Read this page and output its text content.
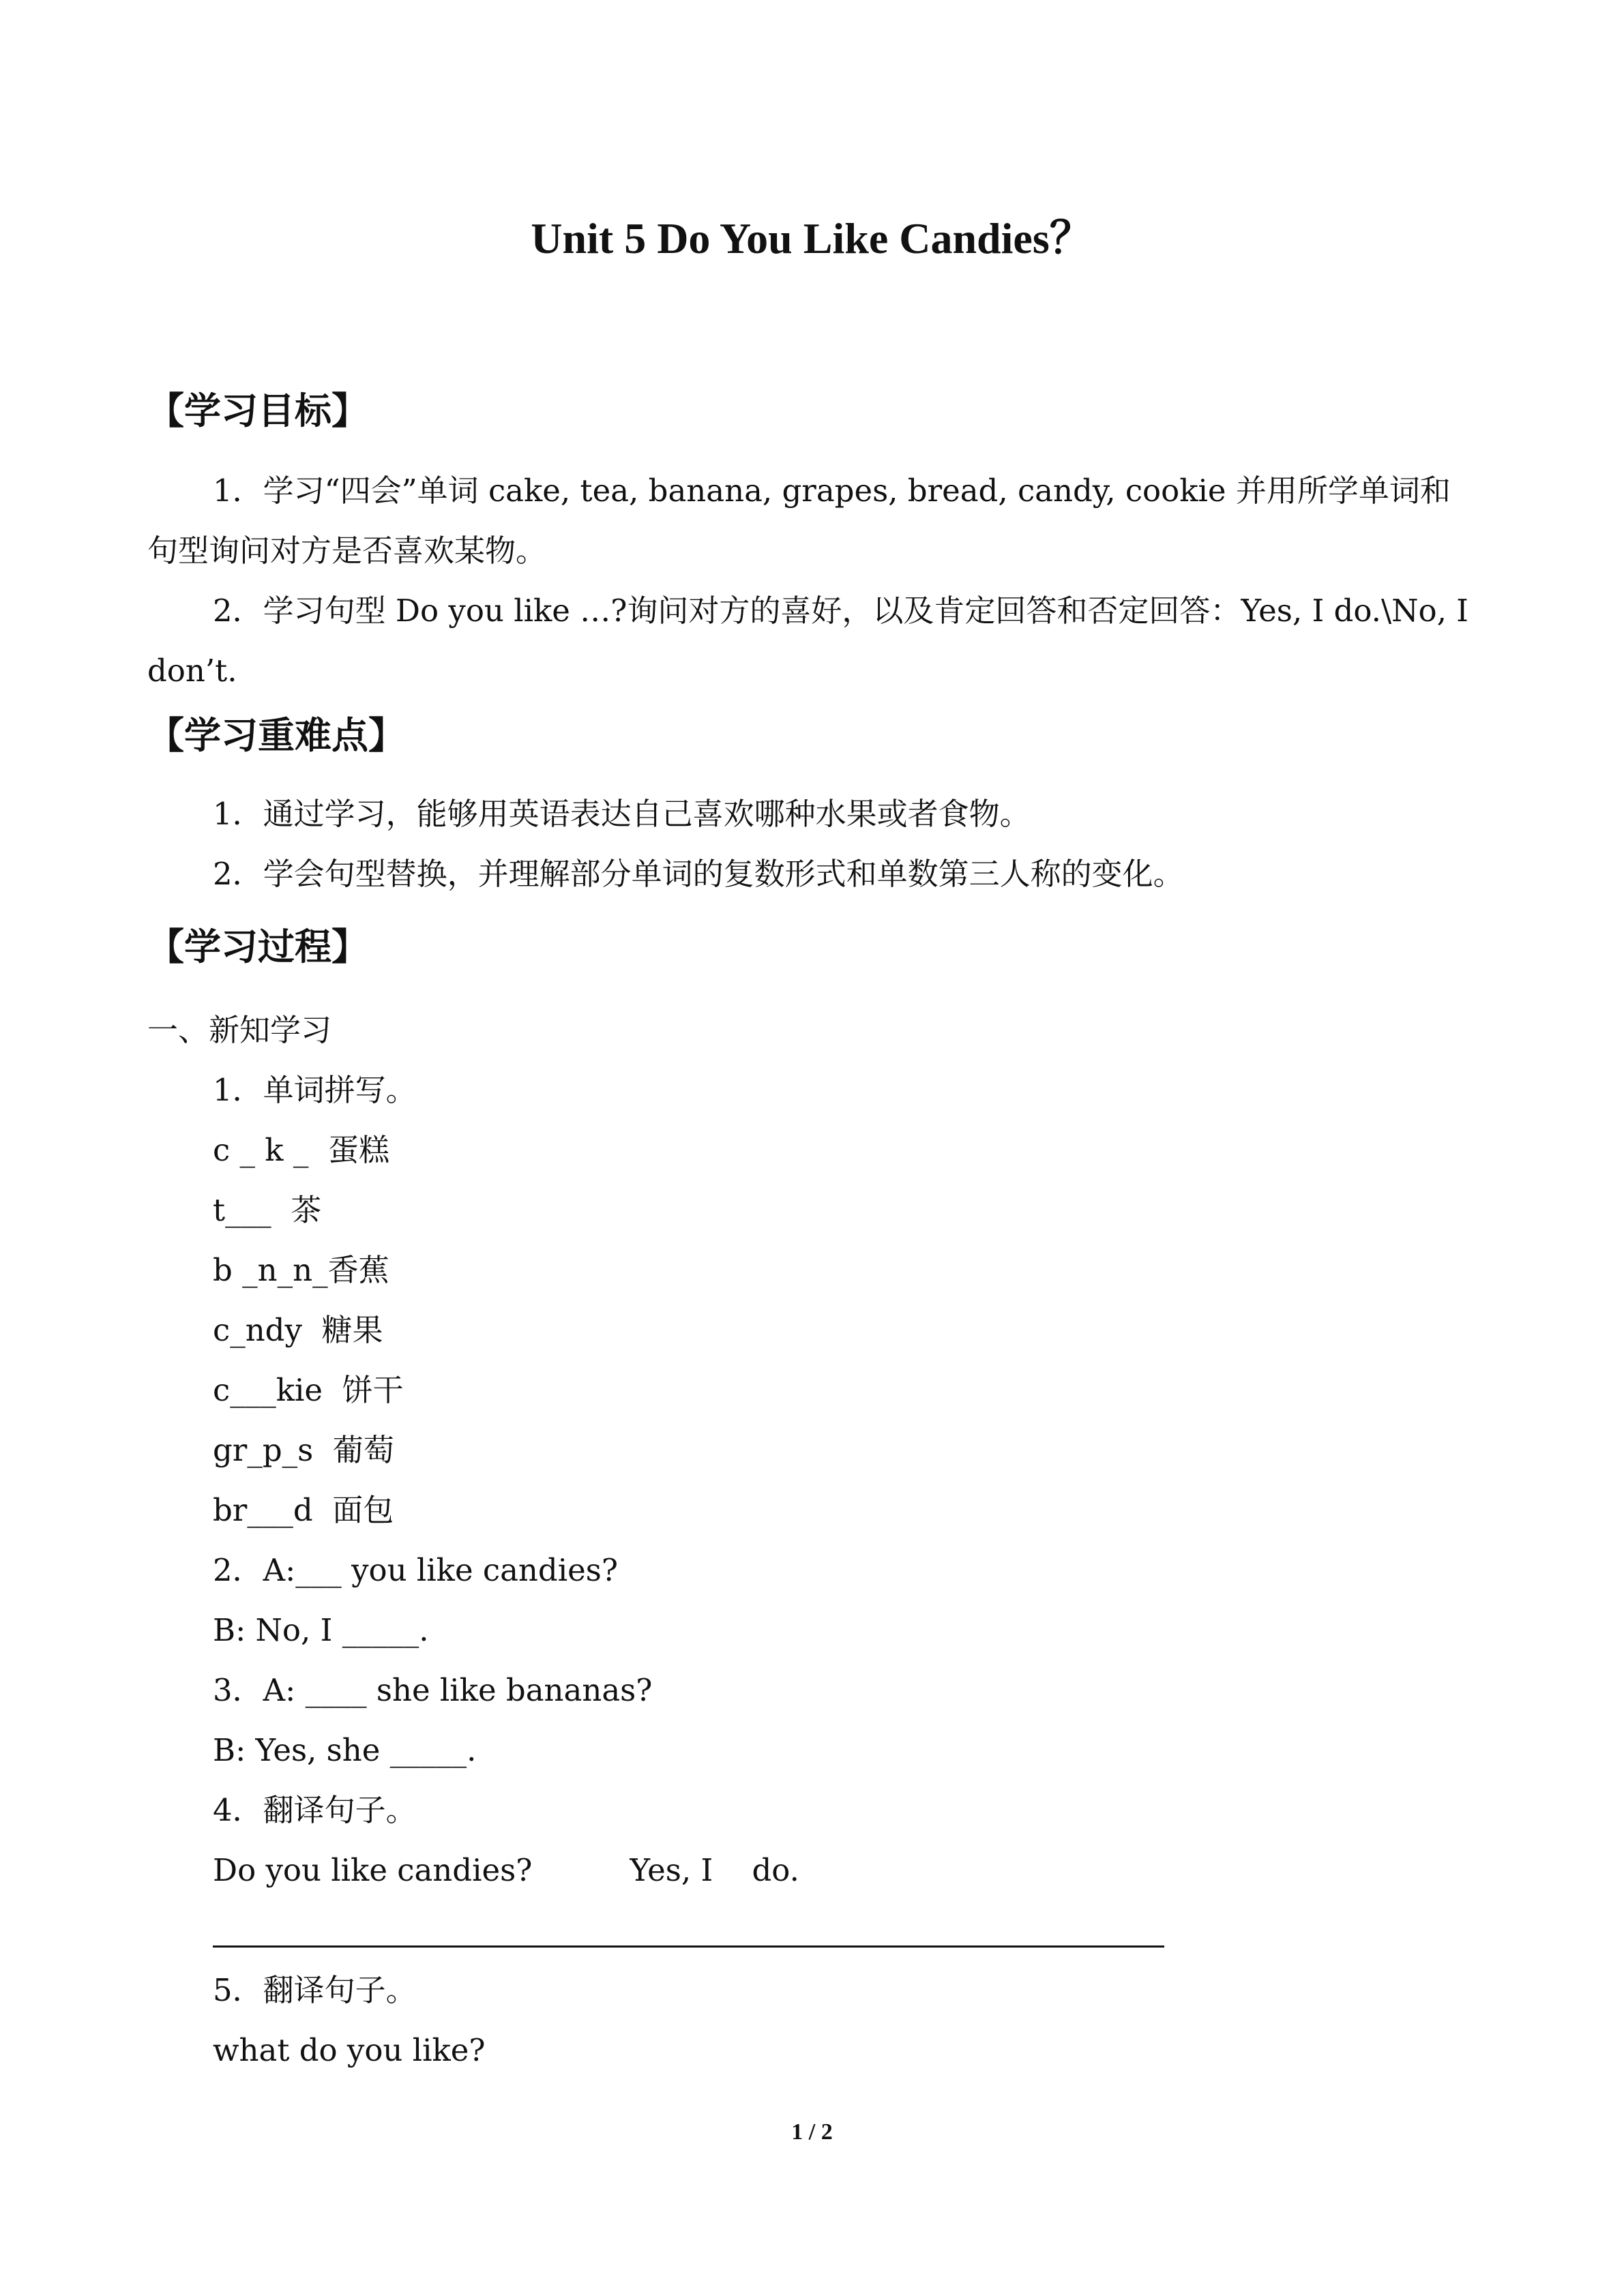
Unit 5 Do You Like Candies？
【学习目标】
1．学习“四会”单词 cake, tea, banana, grapes, bread, candy, cookie 并用所学单词和句型询问对方是否喜欢某物。
2．学习句型 Do you like …?询问对方的喜好，以及肯定回答和否定回答：Yes, I do.\No, I don’t.
【学习重难点】
1．通过学习，能够用英语表达自己喜欢哪种水果或者食物。
2．学会句型替换，并理解部分单词的复数形式和单数第三人称的变化。
【学习过程】
一、新知学习
1．单词拼写。
c _ k _  蛋糕
t___  茶
b _n_n_香蕉
c_ndy  糖果
c___kie  饼干
gr_p_s  葡萄
br___d  面包
2．A:___ you like candies?
B: No, I _____.
3．A: ____ she like bananas?
B: Yes, she _____.
4．翻译句子。
Do you like candies?          Yes, I    do.
5．翻译句子。
what do you like?
1 / 2
